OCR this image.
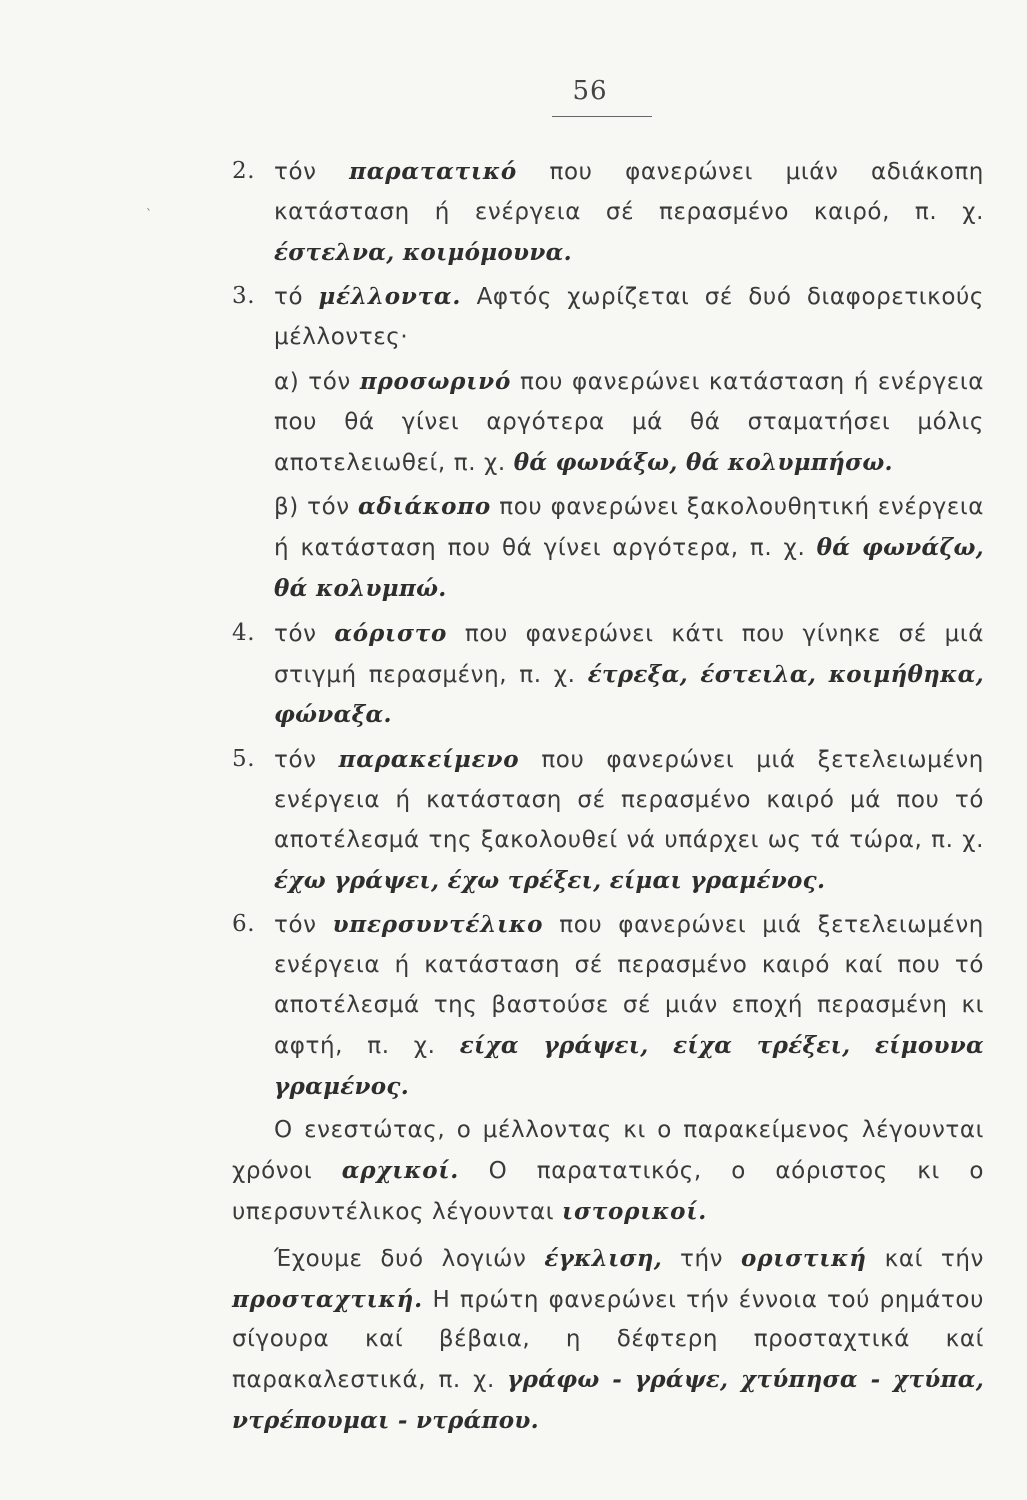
56
ˋ
2. τόν παρατατικό που φανερώνει μιάν αδιάκοπη κατάσταση ή ενέργεια σέ περασμένο καιρό, π. χ. έστελνα, κοιμόμουνα.
3. τό μέλλοντα. Αφτός χωρίζεται σέ δυό διαφορετικούς μέλλοντες·
α) τόν προσωρινό που φανερώνει κατάσταση ή ενέργεια που θά γίνει αργότερα μά θά σταματήσει μόλις αποτελειωθεί, π. χ. θά φωνάξω, θά κολυμπήσω.
β) τόν αδιάκοπο που φανερώνει ξακολουθητική ενέργεια ή κατάσταση που θά γίνει αργότερα, π. χ. θά φωνάζω, θά κολυμπώ.
4. τόν αόριστο που φανερώνει κάτι που γίνηκε σέ μιά στιγμή περασμένη, π. χ. έτρεξα, έστειλα, κοιμήθηκα, φώναξα.
5. τόν παρακείμενο που φανερώνει μιά ξετελειωμένη ενέργεια ή κατάσταση σέ περασμένο καιρό μά που τό αποτέλεσμά της ξακολουθεί νά υπάρχει ως τά τώρα, π. χ. έχω γράψει, έχω τρέξει, είμαι γραμένος.
6. τόν υπερσυντέλικο που φανερώνει μιά ξετελειωμένη ενέργεια ή κατάσταση σέ περασμένο καιρό καί που τό αποτέλεσμά της βαστούσε σέ μιάν εποχή περασμένη κι αφτή, π. χ. είχα γράψει, είχα τρέξει, είμουνα γραμένος.
Ο ενεστώτας, ο μέλλοντας κι ο παρακείμενος λέγουνται χρόνοι αρχικοί. Ο παρατατικός, ο αόριστος κι ο υπερσυντέλικος λέγουνται ιστορικοί.
Έχουμε δυό λογιών έγκλιση, τήν οριστική καί τήν προσταχτική. Η πρώτη φανερώνει τήν έννοια τού ρημάτου σίγουρα καί βέβαια, η δέφτερη προσταχτικά καί παρακαλεστικά, π. χ. γράφω - γράψε, χτύπησα - χτύπα, ντρέπουμαι - ντράπου.
